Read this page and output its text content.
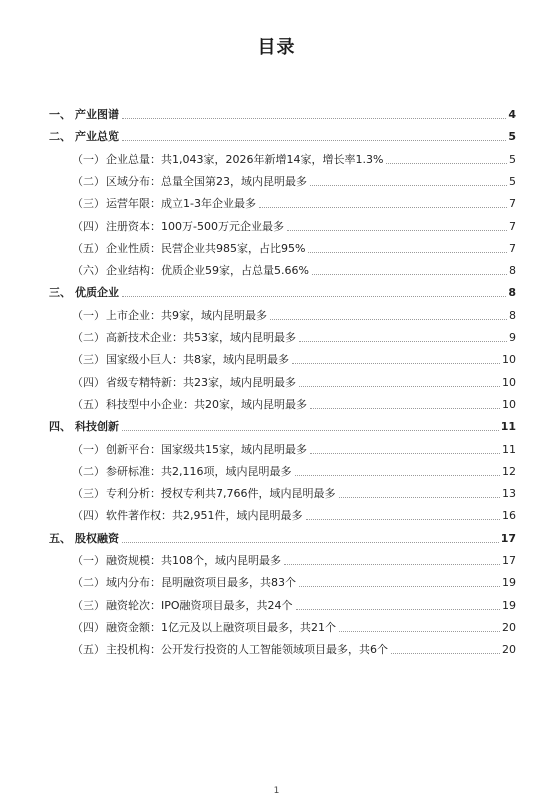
目录
一、 产业图谱	4
二、 产业总览	5
（一） 企业总量：共1,043家，2026年新增14家，增长率1.3%	5
（二） 区域分布：总量全国第23，域内昆明最多	5
（三） 运营年限：成立1-3年企业最多	7
（四） 注册资本：100万-500万元企业最多	7
（五） 企业性质：民营企业共985家，占比95%	7
（六） 企业结构：优质企业59家，占总量5.66%	8
三、 优质企业	8
（一） 上市企业：共9家，域内昆明最多	8
（二） 高新技术企业：共53家，域内昆明最多	9
（三） 国家级小巨人：共8家，域内昆明最多	10
（四） 省级专精特新：共23家，域内昆明最多	10
（五） 科技型中小企业：共20家，域内昆明最多	10
四、 科技创新	11
（一） 创新平台：国家级共15家，域内昆明最多	11
（二） 参研标准：共2,116项，域内昆明最多	12
（三） 专利分析：授权专利共7,766件，域内昆明最多	13
（四） 软件著作权：共2,951件，域内昆明最多	16
五、 股权融资	17
（一） 融资规模：共108个，域内昆明最多	17
（二） 域内分布：昆明融资项目最多，共83个	19
（三） 融资轮次：IPO融资项目最多，共24个	19
（四） 融资金额：1亿元及以上融资项目最多，共21个	20
（五） 主投机构：公开发行投资的人工智能领域项目最多，共6个	20
1
